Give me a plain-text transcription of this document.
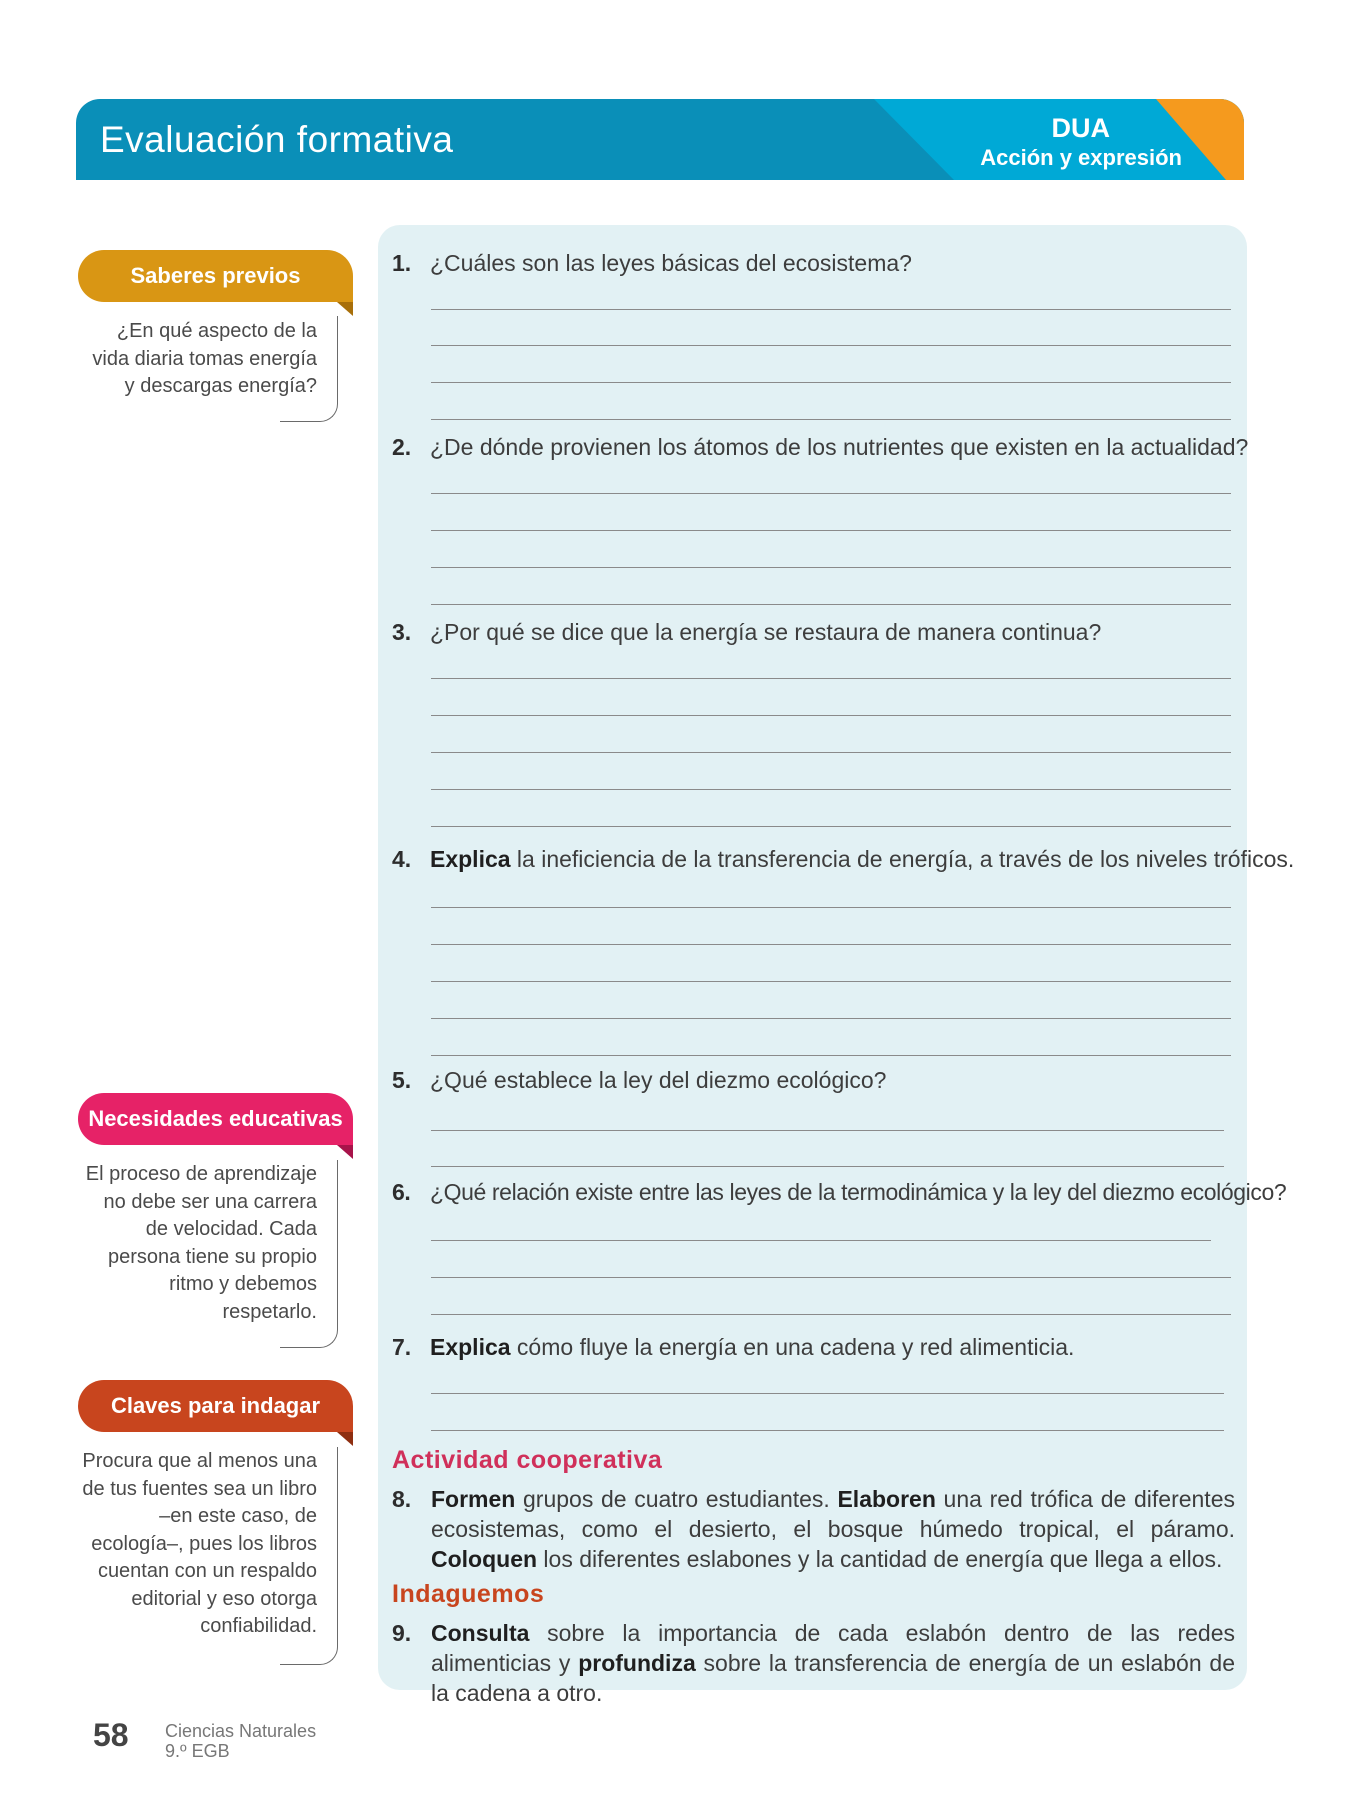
Evaluación formativa	DUA
Acción y expresión
Saberes previos
¿En qué aspecto de la vida diaria tomas energía y descargas energía?
Necesidades educativas
El proceso de aprendizaje no debe ser una carrera de velocidad. Cada persona tiene su propio ritmo y debemos respetarlo.
Claves para indagar
Procura que al menos una de tus fuentes sea un libro –en este caso, de ecología–, pues los libros cuentan con un respaldo editorial y eso otorga confiabilidad.
1. ¿Cuáles son las leyes básicas del ecosistema?
2. ¿De dónde provienen los átomos de los nutrientes que existen en la actualidad?
3. ¿Por qué se dice que la energía se restaura de manera continua?
4. Explica la ineficiencia de la transferencia de energía, a través de los niveles tróficos.
5. ¿Qué establece la ley del diezmo ecológico?
6. ¿Qué relación existe entre las leyes de la termodinámica y la ley del diezmo ecológico?
7. Explica cómo fluye la energía en una cadena y red alimenticia.
Actividad cooperativa
8. Formen grupos de cuatro estudiantes. Elaboren una red trófica de diferentes ecosistemas, como el desierto, el bosque húmedo tropical, el páramo. Coloquen los diferentes eslabones y la cantidad de energía que llega a ellos.
Indaguemos
9. Consulta sobre la importancia de cada eslabón dentro de las redes alimenticias y profundiza sobre la transferencia de energía de un eslabón de la cadena a otro.
58 Ciencias Naturales
9.º EGB
